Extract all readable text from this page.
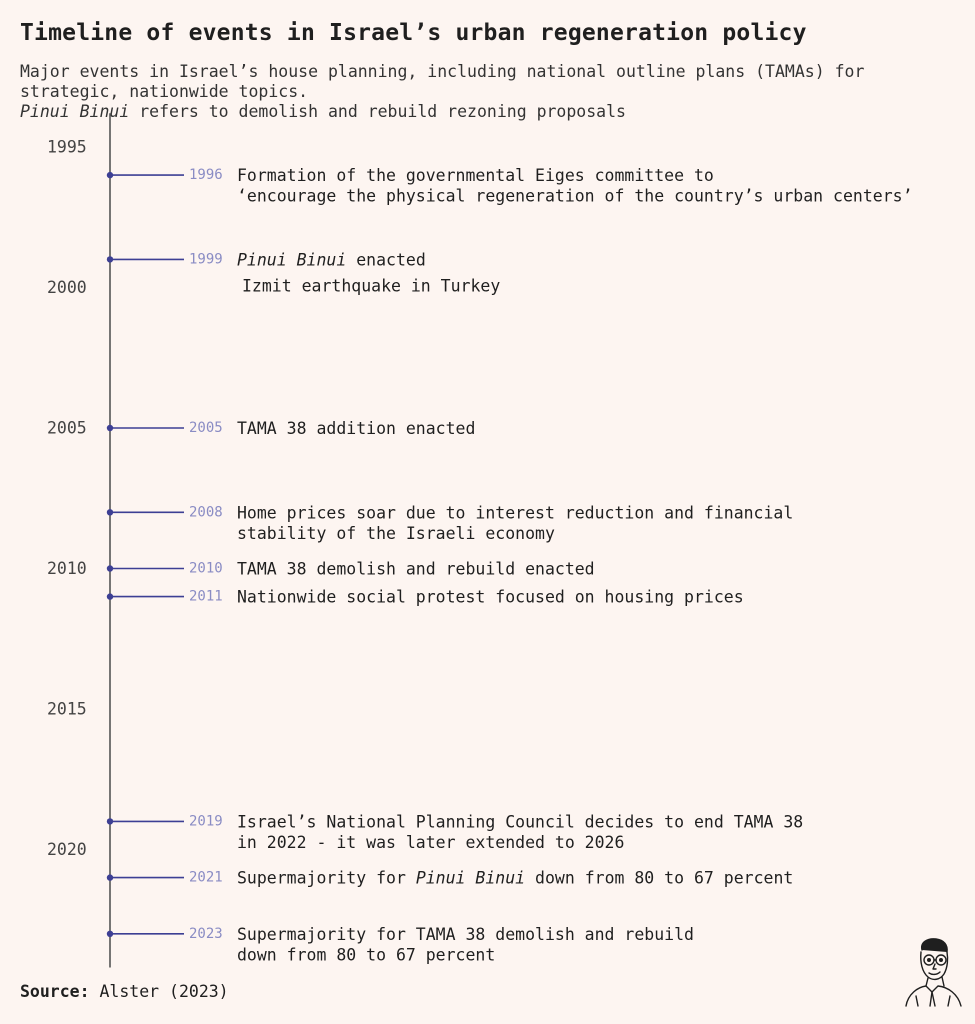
Timeline of events in Israel’s urban regeneration policy
Major events in Israel’s house planning, including national outline plans (TAMAs) for
strategic, nationwide topics.
Pinui Binui refers to demolish and rebuild rezoning proposals
1995
2000
2005
2010
2015
2020
1996 Formation of the governmental Eiges committee to
‘encourage the physical regeneration of the country’s urban centers’
1999 Pinui Binui enacted
Izmit earthquake in Turkey
2005 TAMA 38 addition enacted
2008 Home prices soar due to interest reduction and financial
stability of the Israeli economy
2010 TAMA 38 demolish and rebuild enacted
2011 Nationwide social protest focused on housing prices
2019 Israel’s National Planning Council decides to end TAMA 38
in 2022 - it was later extended to 2026
2021 Supermajority for Pinui Binui down from 80 to 67 percent
2023 Supermajority for TAMA 38 demolish and rebuild
down from 80 to 67 percent
Source: Alster (2023)
